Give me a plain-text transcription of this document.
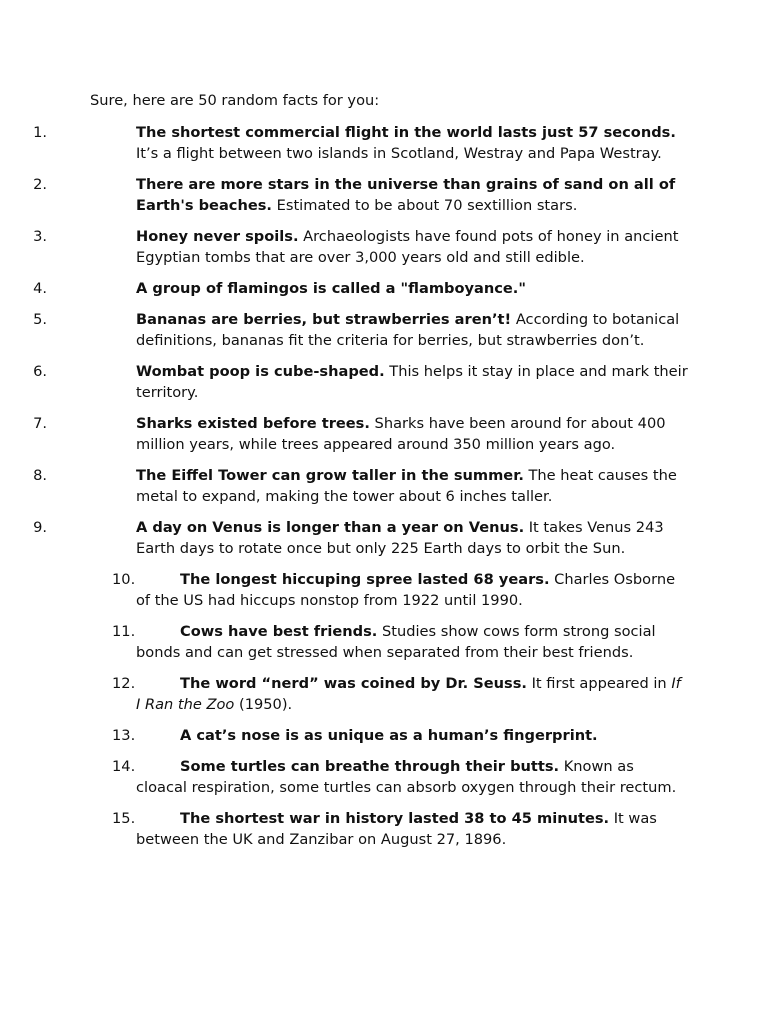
Sure, here are 50 random facts for you:

1.	The shortest commercial flight in the world lasts just 57 seconds. It’s a flight between two islands in Scotland, Westray and Papa Westray.
2.	There are more stars in the universe than grains of sand on all of Earth's beaches. Estimated to be about 70 sextillion stars.
3.	Honey never spoils. Archaeologists have found pots of honey in ancient Egyptian tombs that are over 3,000 years old and still edible.
4.	A group of flamingos is called a "flamboyance."
5.	Bananas are berries, but strawberries aren’t! According to botanical definitions, bananas fit the criteria for berries, but strawberries don’t.
6.	Wombat poop is cube-shaped. This helps it stay in place and mark their territory.
7.	Sharks existed before trees. Sharks have been around for about 400 million years, while trees appeared around 350 million years ago.
8.	The Eiffel Tower can grow taller in the summer. The heat causes the metal to expand, making the tower about 6 inches taller.
9.	A day on Venus is longer than a year on Venus. It takes Venus 243 Earth days to rotate once but only 225 Earth days to orbit the Sun.
10.	The longest hiccuping spree lasted 68 years. Charles Osborne of the US had hiccups nonstop from 1922 until 1990.
11.	Cows have best friends. Studies show cows form strong social bonds and can get stressed when separated from their best friends.
12.	The word “nerd” was coined by Dr. Seuss. It first appeared in If I Ran the Zoo (1950).
13.	A cat’s nose is as unique as a human’s fingerprint.
14.	Some turtles can breathe through their butts. Known as cloacal respiration, some turtles can absorb oxygen through their rectum.
15.	The shortest war in history lasted 38 to 45 minutes. It was between the UK and Zanzibar on August 27, 1896.
